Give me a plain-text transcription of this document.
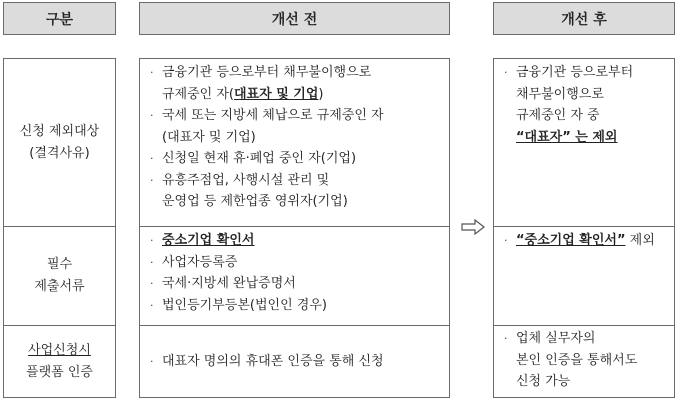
구분	개선 전	개선 후
신청 제외대상
(결격사유)
필수
제출서류
사업신청시
플랫폼 인증
· 금융기관 등으로부터 채무불이행으로
규제중인 자(대표자 및 기업)
· 국세 또는 지방세 체납으로 규제중인 자
(대표자 및 기업)
· 신청일 현재 휴·폐업 중인 자(기업)
· 유흥주점업, 사행시설 관리 및
운영업 등 제한업종 영위자(기업)
· 중소기업 확인서
· 사업자등록증
· 국세·지방세 완납증명서
· 법인등기부등본(법인인 경우)
· 대표자 명의의 휴대폰 인증을 통해 신청
· 금융기관 등으로부터
채무불이행으로
규제중인 자 중
“대표자” 는 제외
· “중소기업 확인서” 제외
· 업체 실무자의
본인 인증을 통해서도
신청 가능
